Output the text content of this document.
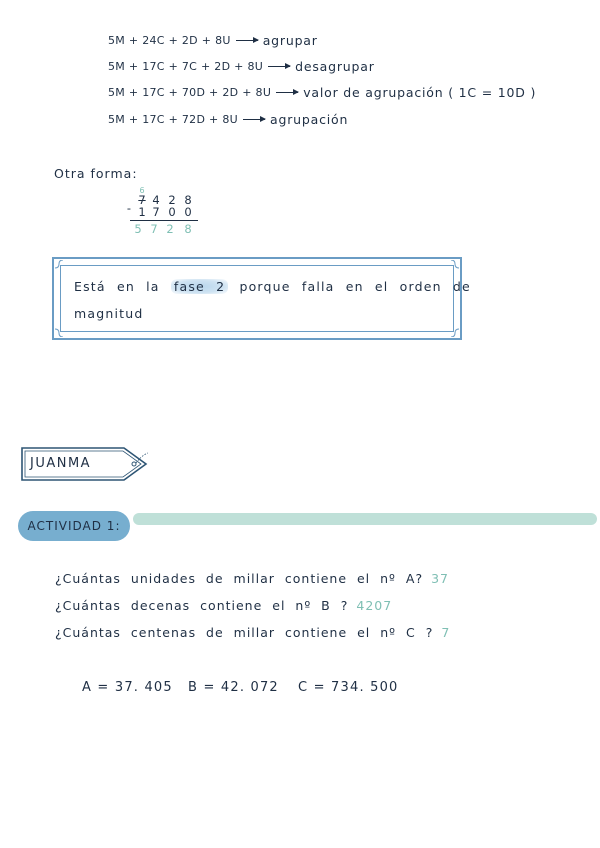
5M + 24C + 2D + 8U	agrupar
5M + 17C + 7C + 2D + 8U	desagrupar
5M + 17C + 70D + 2D + 8U	valor de agrupación ( 1C = 10D )
5M + 17C + 72D + 8U	agrupación
Otra forma:
6
-
7 4 2 8
1 7 0 0
5 7 2 8
Está en la fase 2 porque falla en el orden de
magnitud
JUANMA
ACTIVIDAD 1:
¿Cuántas unidades de millar contiene el nº A? 37
¿Cuántas decenas contiene el nº B ? 4207
¿Cuántas centenas de millar contiene el nº C ? 7
A = 37. 405 B = 42. 072 C = 734. 500
